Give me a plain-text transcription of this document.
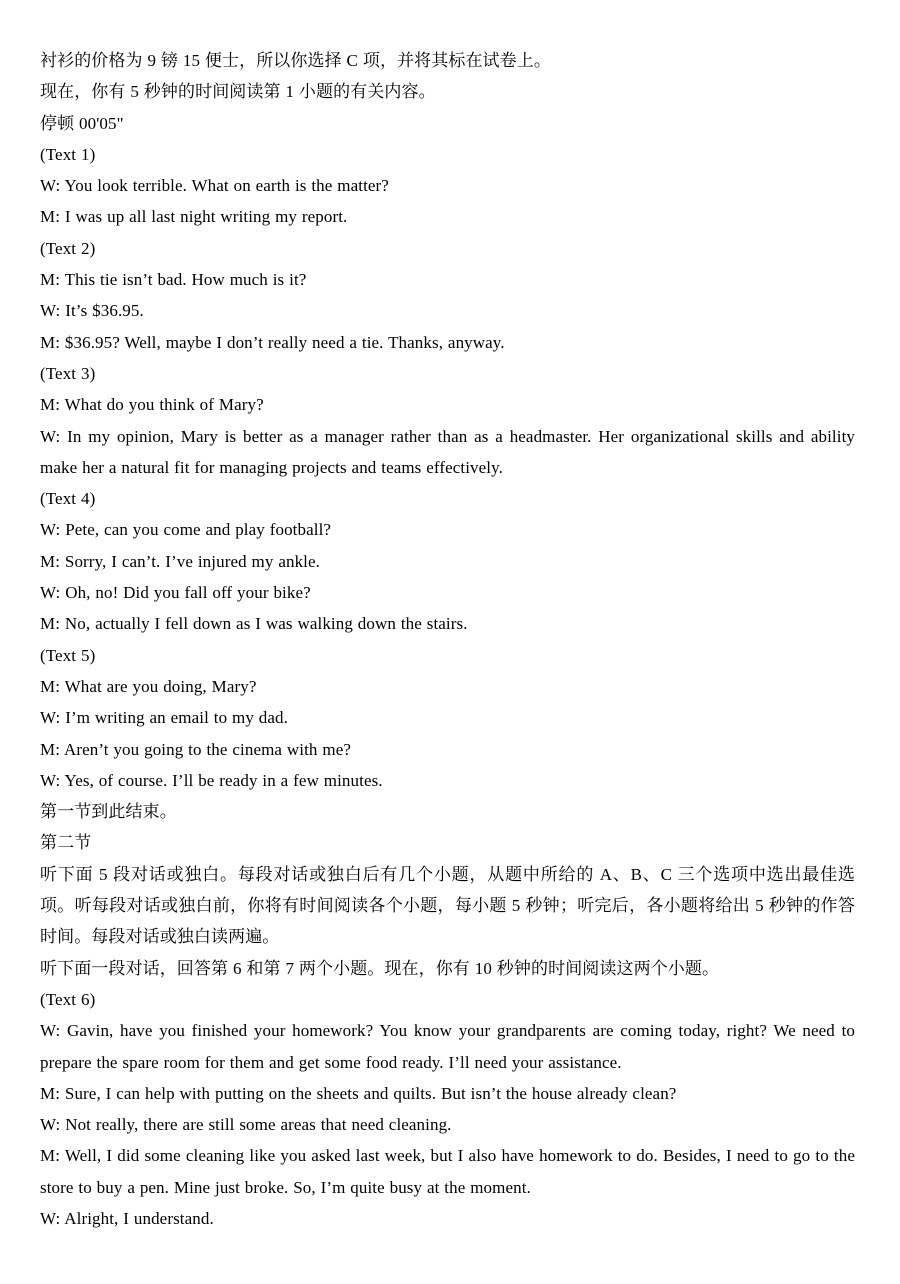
衬衫的价格为 9 镑 15 便士，所以你选择 C 项，并将其标在试卷上。

现在，你有 5 秒钟的时间阅读第 1 小题的有关内容。

停顿 00'05"

(Text 1)

W: You look terrible. What on earth is the matter?

M: I was up all last night writing my report.

(Text 2)

M: This tie isn’t bad. How much is it?

W: It’s $36.95.

M: $36.95? Well, maybe I don’t really need a tie. Thanks, anyway.

(Text 3)

M: What do you think of Mary?

W: In my opinion, Mary is better as a manager rather than as a headmaster. Her organizational skills and ability make her a natural fit for managing projects and teams effectively.

(Text 4)

W: Pete, can you come and play football?

M: Sorry, I can’t. I’ve injured my ankle.

W: Oh, no! Did you fall off your bike?

M: No, actually I fell down as I was walking down the stairs.

(Text 5)

M: What are you doing, Mary?

W: I’m writing an email to my dad.

M: Aren’t you going to the cinema with me?

W: Yes, of course. I’ll be ready in a few minutes.

第一节到此结束。

第二节

听下面 5 段对话或独白。每段对话或独白后有几个小题，从题中所给的 A、B、C 三个选项中选出最佳选项。听每段对话或独白前，你将有时间阅读各个小题，每小题 5 秒钟；听完后，各小题将给出 5 秒钟的作答时间。每段对话或独白读两遍。

听下面一段对话，回答第 6 和第 7 两个小题。现在，你有 10 秒钟的时间阅读这两个小题。

(Text 6)

W: Gavin, have you finished your homework? You know your grandparents are coming today, right? We need to prepare the spare room for them and get some food ready. I’ll need your assistance.

M: Sure, I can help with putting on the sheets and quilts. But isn’t the house already clean?

W: Not really, there are still some areas that need cleaning.

M: Well, I did some cleaning like you asked last week, but I also have homework to do. Besides, I need to go to the store to buy a pen. Mine just broke. So, I’m quite busy at the moment.

W: Alright, I understand.
